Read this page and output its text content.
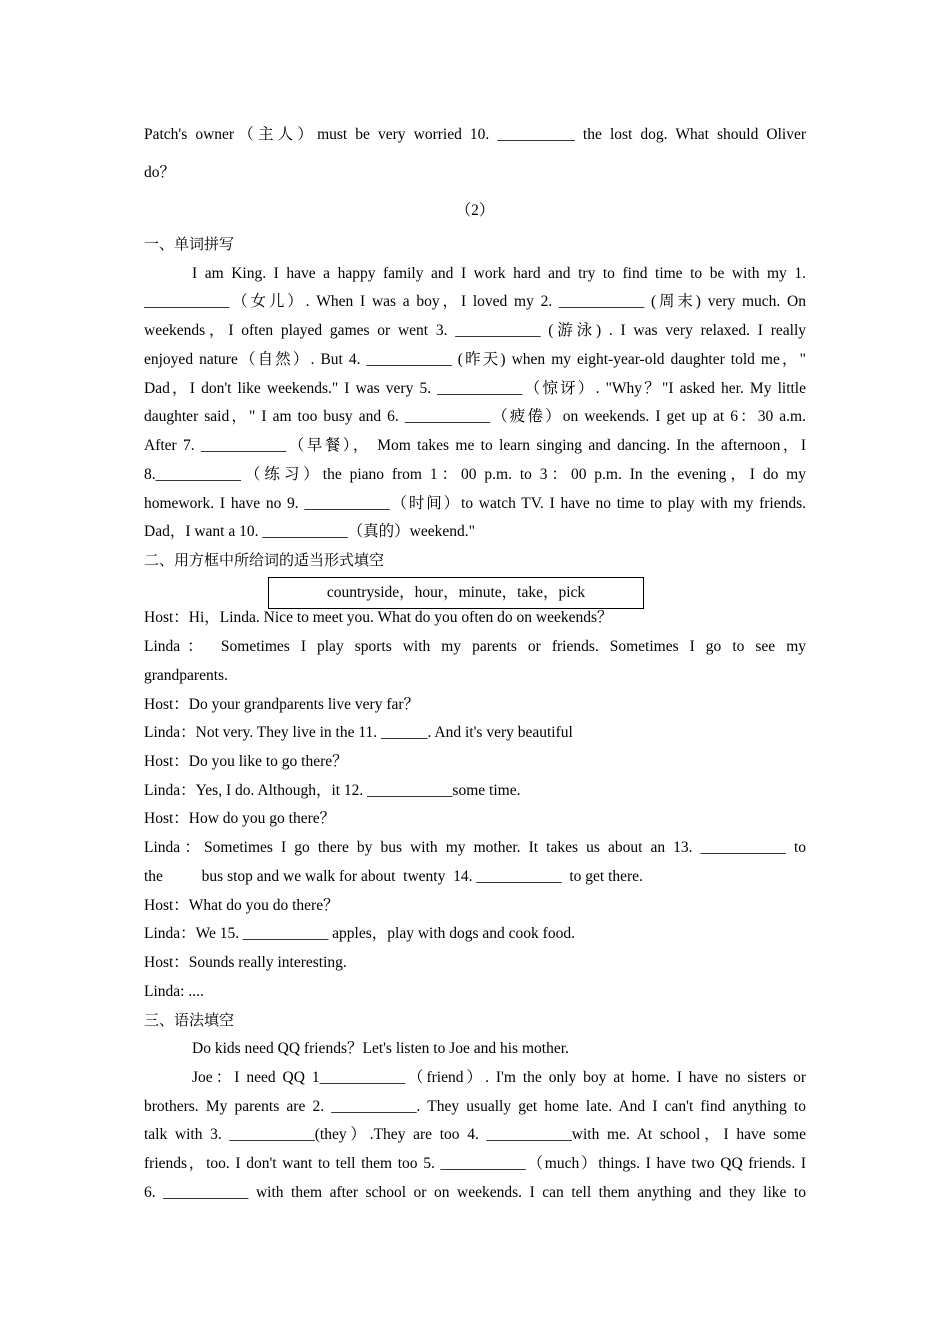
Patch's owner（主人）must be very worried 10. __________ the lost dog. What should Oliver
do？
（2）
一、单词拼写
I am King. I have a happy family and I work hard and try to find time to be with my 1.
___________（女儿）. When I was a boy，I loved my 2. ___________ (周末) very much. On
weekends，I often played games or went 3. ___________ (游泳) . I was very relaxed. I really
enjoyed nature（自然）. But 4. ___________ (昨天) when my eight-year-old daughter told me，"
Dad，I don't like weekends." I was very 5. ___________（惊讶）. "Why？"I asked her. My little
daughter said，" I am too busy and 6. ___________（疲倦）on weekends. I get up at 6：30 a.m.
After 7. ___________（早餐）， Mom takes me to learn singing and dancing. In the afternoon，I
8.___________（练习）the piano from 1：00 p.m. to 3：00 p.m. In the evening，I do my
homework. I have no 9. ___________（时间）to watch TV. I have no time to play with my friends.
Dad，I want a 10. ___________（真的）weekend."
二、用方框中所给词的适当形式填空
countryside，hour，minute，take，pick
Host：Hi，Linda. Nice to meet you. What do you often do on weekends？
Linda： Sometimes I play sports with my parents or friends. Sometimes I go to see my
grandparents.
Host：Do your grandparents live very far？
Linda：Not very. They live in the 11. ______. And it's very beautiful
Host：Do you like to go there？
Linda：Yes, I do. Although，it 12. ___________some time.
Host：How do you go there？
Linda：Sometimes I go there by bus with my mother. It takes us about an 13. ___________ to
the          bus stop and we walk for about  twenty  14. ___________  to get there.
Host：What do you do there？
Linda：We 15. ___________ apples，play with dogs and cook food.
Host：Sounds really interesting.
Linda: ....
三、语法填空
Do kids need QQ friends？Let's listen to Joe and his mother.
Joe：I need QQ 1___________（friend）. I'm the only boy at home. I have no sisters or
brothers. My parents are 2. ___________. They usually get home late. And I can't find anything to
talk with 3. ___________(they）.They are too 4. ___________with me. At school，I have some
friends，too. I don't want to tell them too 5. ___________（much）things. I have two QQ friends. I
6. ___________ with them after school or on weekends. I can tell them anything and they like to
